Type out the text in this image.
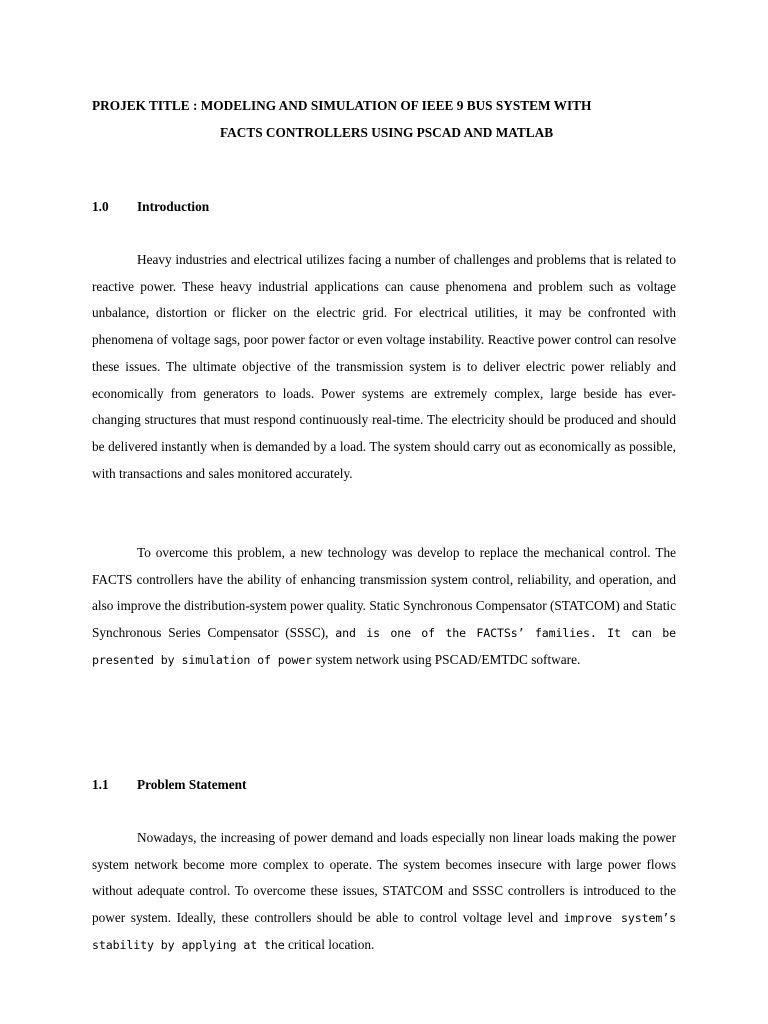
PROJEK TITLE : MODELING AND SIMULATION OF IEEE 9 BUS SYSTEM WITH
FACTS CONTROLLERS USING PSCAD AND MATLAB
1.0 Introduction

Heavy industries and electrical utilizes facing a number of challenges and problems that is related to reactive power. These heavy industrial applications can cause phenomena and problem such as voltage unbalance, distortion or flicker on the electric grid. For electrical utilities, it may be confronted with phenomena of voltage sags, poor power factor or even voltage instability. Reactive power control can resolve these issues. The ultimate objective of the transmission system is to deliver electric power reliably and economically from generators to loads. Power systems are extremely complex, large beside has ever-changing structures that must respond continuously real-time. The electricity should be produced and should be delivered instantly when is demanded by a load. The system should carry out as economically as possible, with transactions and sales monitored accurately.

To overcome this problem, a new technology was develop to replace the mechanical control. The FACTS controllers have the ability of enhancing transmission system control, reliability, and operation, and also improve the distribution-system power quality. Static Synchronous Compensator (STATCOM) and Static Synchronous Series Compensator (SSSC), and is one of the FACTSs’ families. It can be presented by simulation of power system network using PSCAD/EMTDC software.

1.1 Problem Statement

Nowadays, the increasing of power demand and loads especially non linear loads making the power system network become more complex to operate. The system becomes insecure with large power flows without adequate control. To overcome these issues, STATCOM and SSSC controllers is introduced to the power system. Ideally, these controllers should be able to control voltage level and improve system’s stability by applying at the critical location.
